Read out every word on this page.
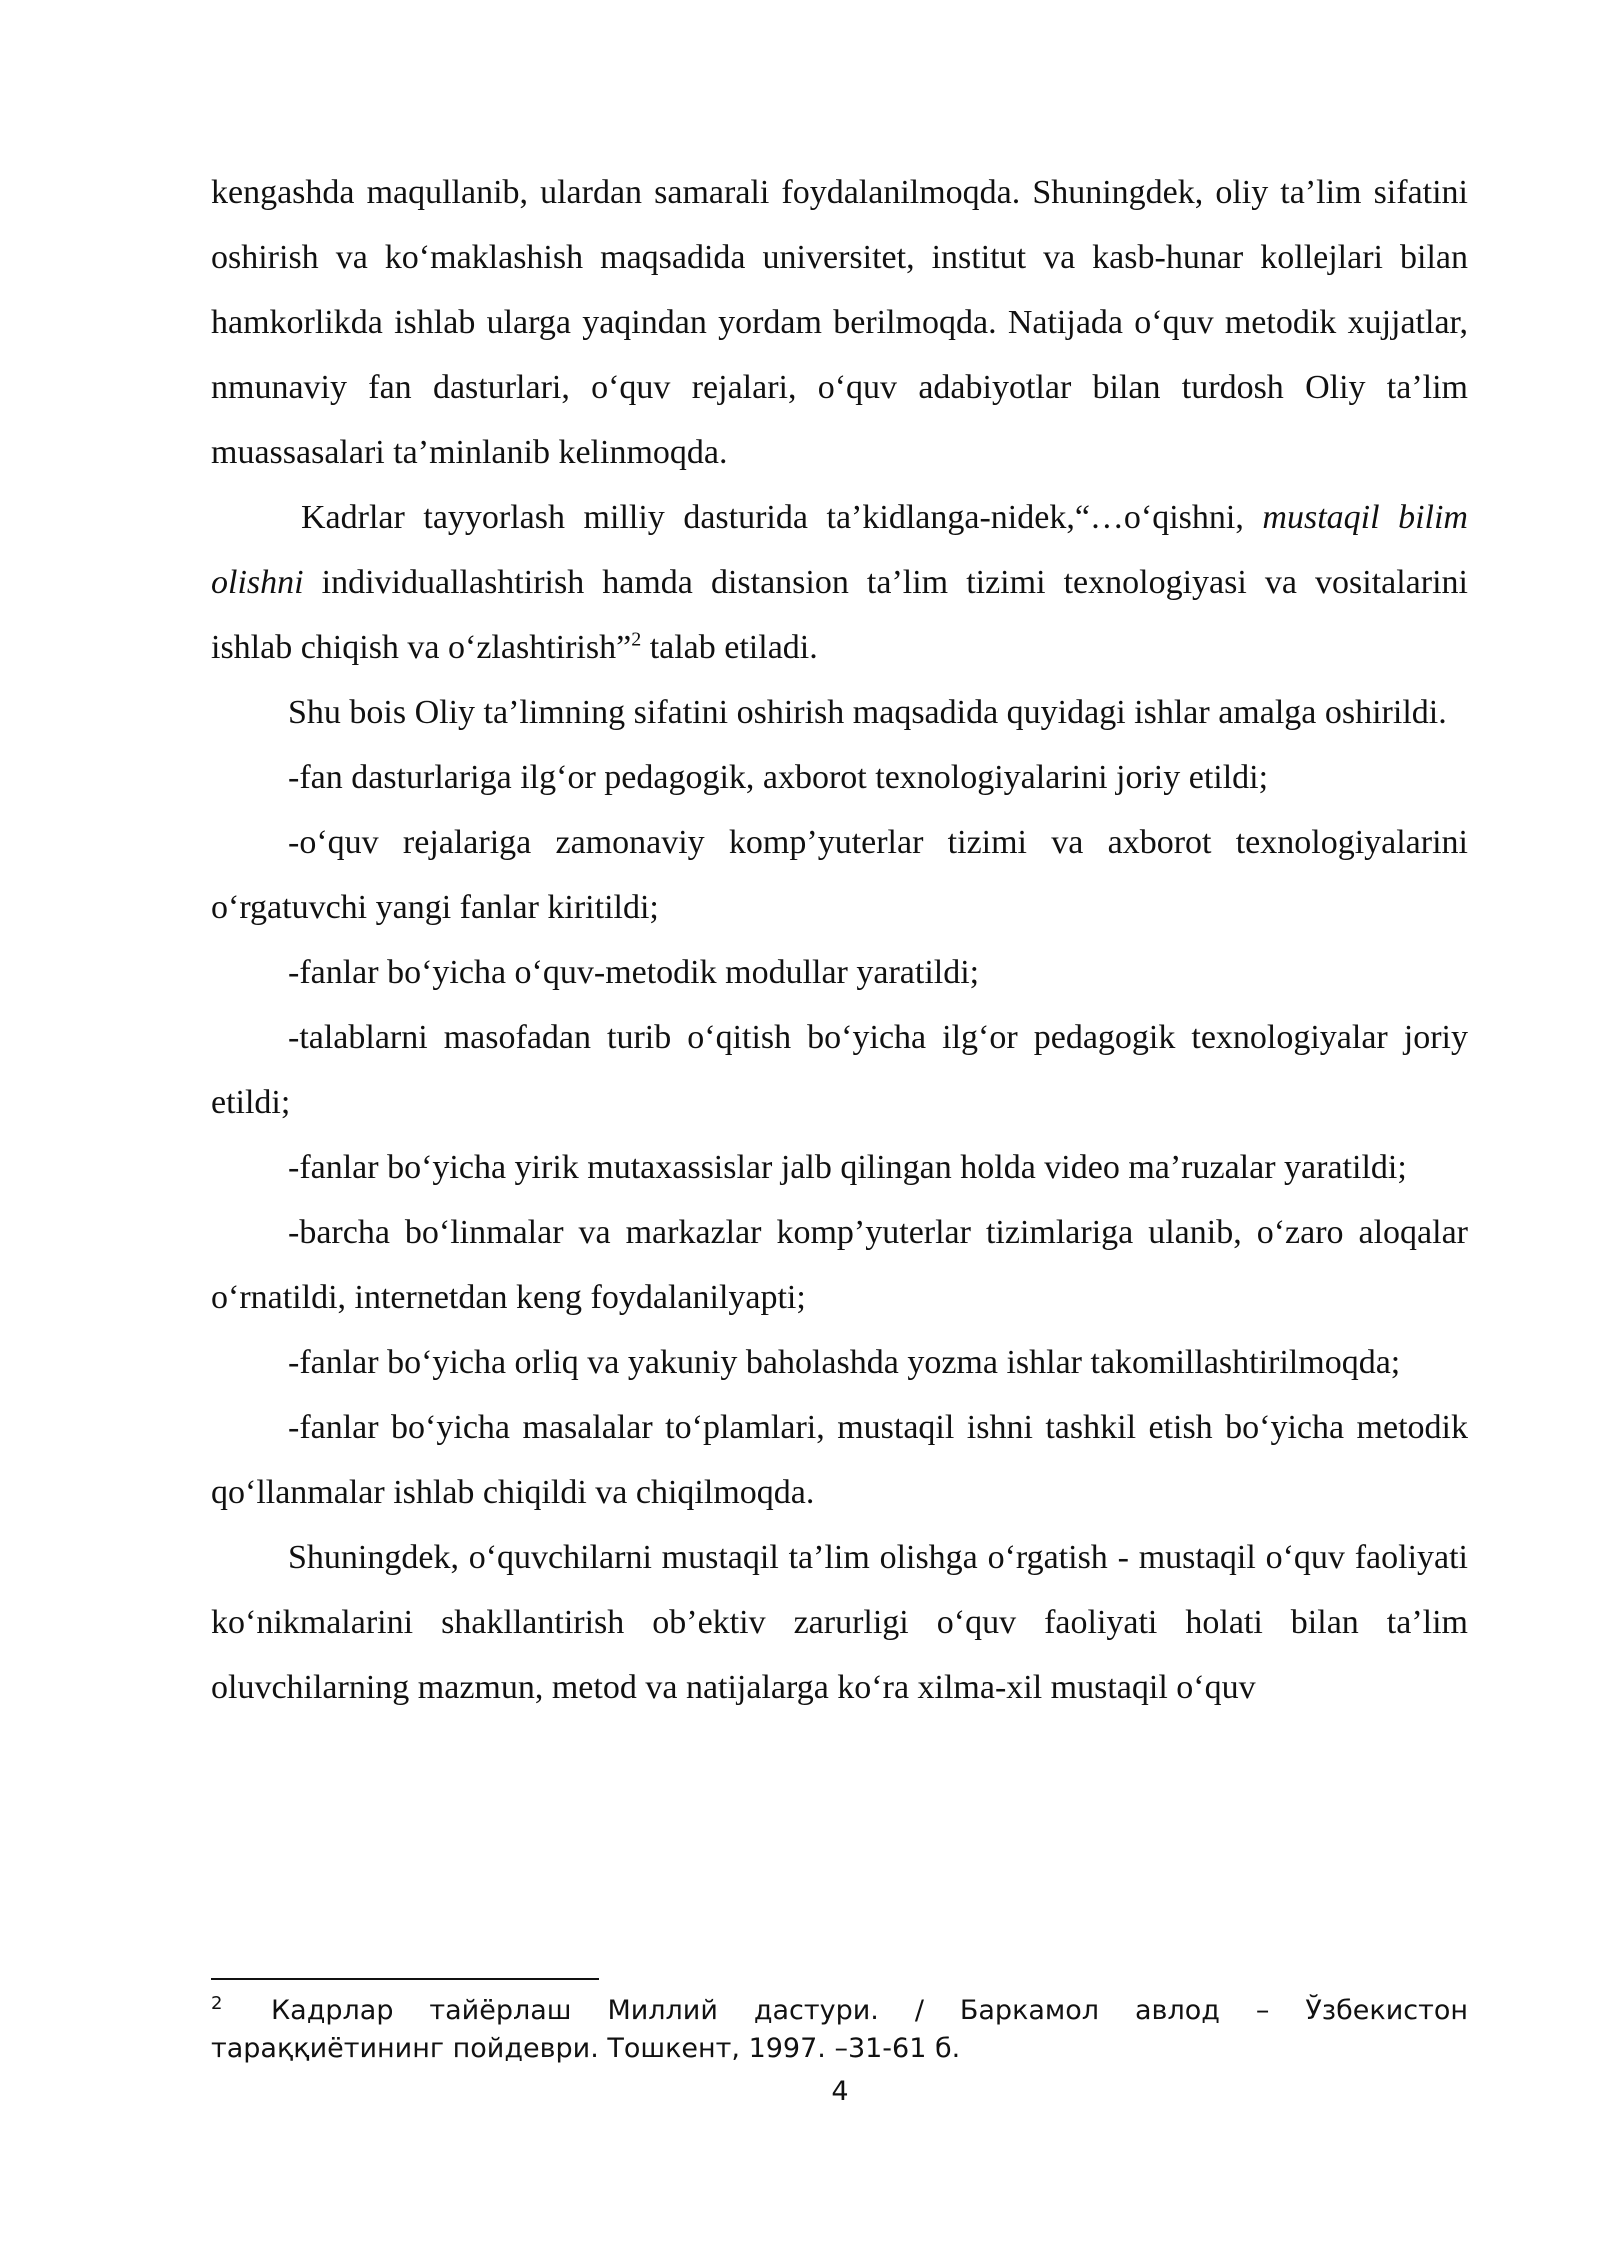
kengashda maqullanib, ulardan samarali foydalanilmoqda. Shuningdek, oliy ta’lim sifatini oshirish va ko‘maklashish maqsadida universitet, institut va kasb-hunar kollejlari bilan hamkorlikda ishlab ularga yaqindan yordam berilmoqda. Natijada o‘quv metodik xujjatlar, nmunaviy fan dasturlari, o‘quv rejalari, o‘quv adabiyotlar bilan turdosh Oliy ta’lim muassasalari ta’minlanib kelinmoqda.

Kadrlar tayyorlash milliy dasturida ta’kidlanga-nidek,“…o‘qishni, mustaqil bilim olishni individuallashtirish hamda distansion ta’lim tizimi texnologiyasi va vositalarini ishlab chiqish va o‘zlashtirish”$^2$ talab etiladi.

Shu bois Oliy ta’limning sifatini oshirish maqsadida quyidagi ishlar amalga oshirildi.

-fan dasturlariga ilg‘or pedagogik, axborot texnologiyalarini joriy etildi;

-o‘quv rejalariga zamonaviy komp’yuterlar tizimi va axborot texnologiyalarini o‘rgatuvchi yangi fanlar kiritildi;

-fanlar bo‘yicha o‘quv-metodik modullar yaratildi;

-talablarni masofadan turib o‘qitish bo‘yicha ilg‘or pedagogik texnologiyalar joriy etildi;

-fanlar bo‘yicha yirik mutaxassislar jalb qilingan holda video ma’ruzalar yaratildi;

-barcha bo‘linmalar va markazlar komp’yuterlar tizimlariga ulanib, o‘zaro aloqalar o‘rnatildi, internetdan keng foydalanilyapti;

-fanlar bo‘yicha orliq va yakuniy baholashda yozma ishlar takomillashtirilmoqda;

-fanlar bo‘yicha masalalar to‘plamlari, mustaqil ishni tashkil etish bo‘yicha metodik qo‘llanmalar ishlab chiqildi va chiqilmoqda.

Shuningdek, o‘quvchilarni mustaqil ta’lim olishga o‘rgatish - mustaqil o‘quv faoliyati ko‘nikmalarini shakllantirish ob’ektiv zarurligi o‘quv faoliyati holati bilan ta’lim oluvchilarning mazmun, metod va natijalarga ko‘ra xilma-xil mustaqil o‘quv

2 Кадрлар тайёрлаш Миллий дастури. / Баркамол авлод – Ўзбекистон тараққиётининг пойдеври. Тошкент, 1997. –31-61 б.
4
